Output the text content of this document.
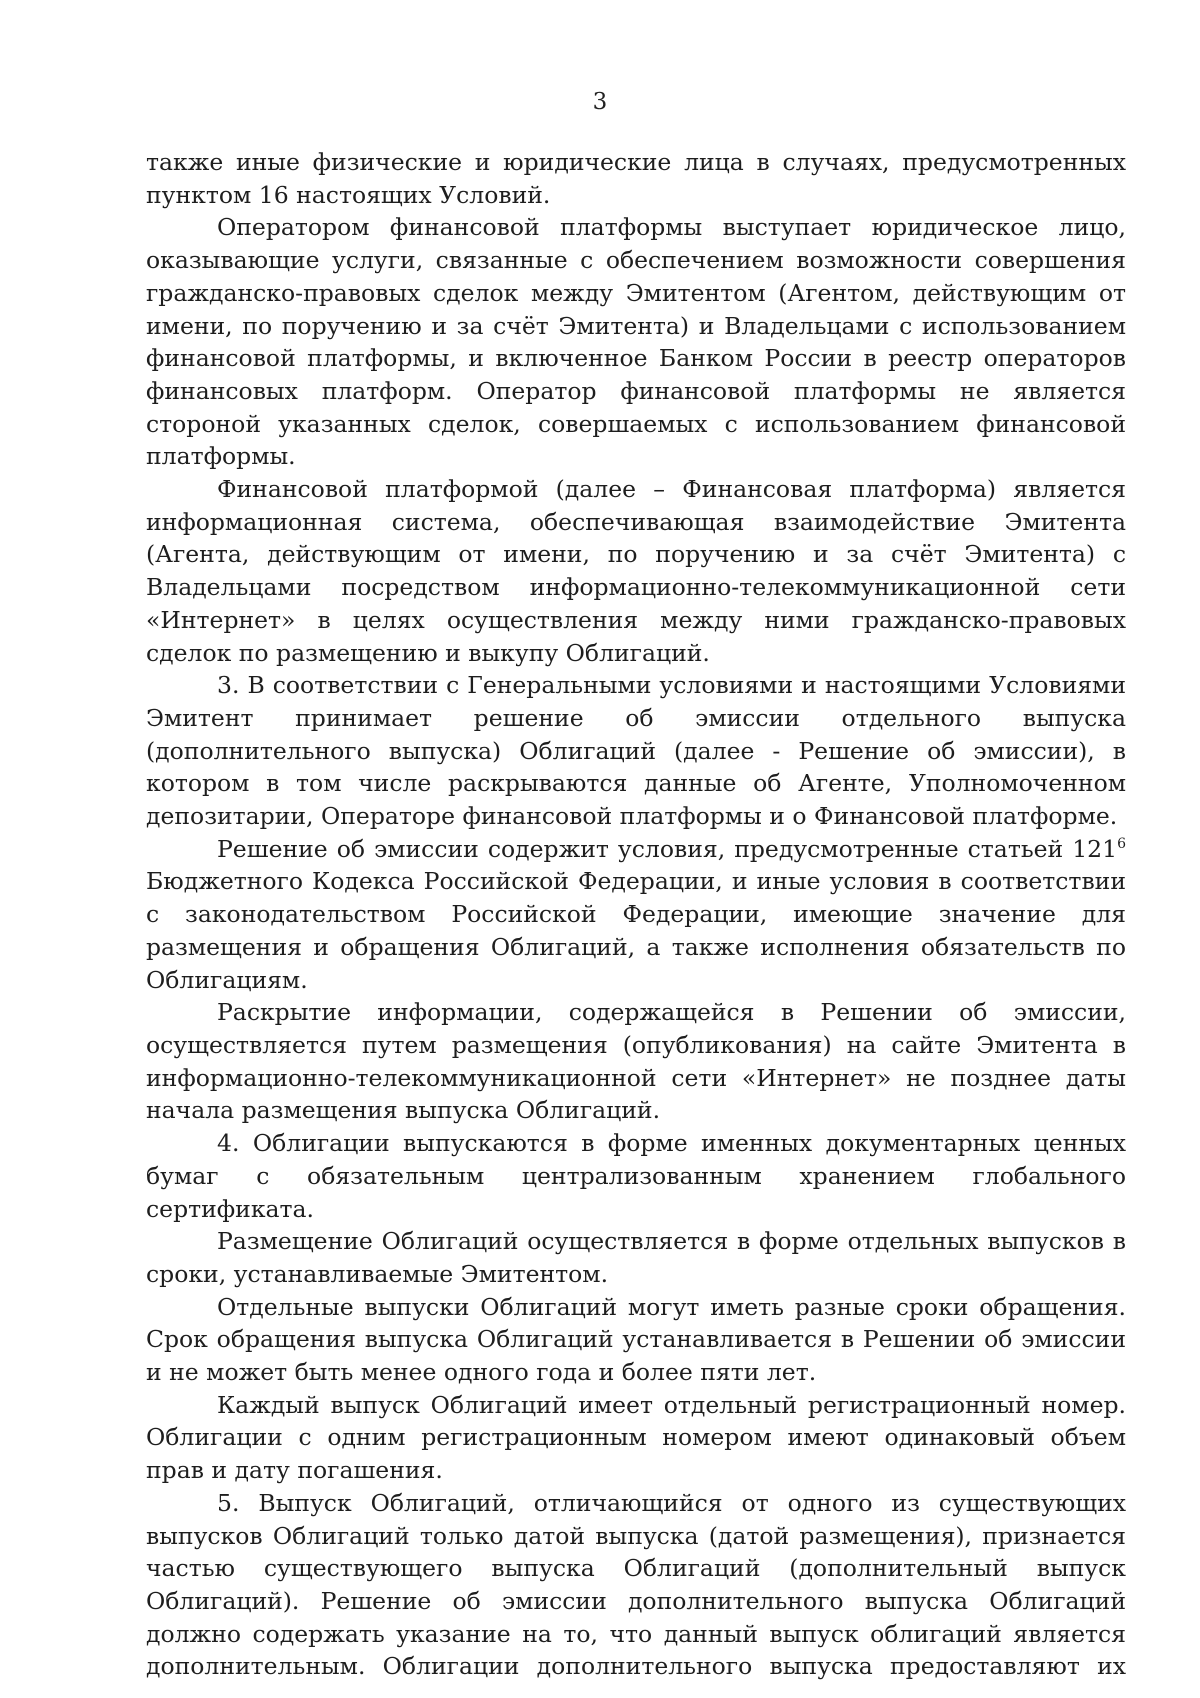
3

также иные физические и юридические лица в случаях, предусмотренных пунктом 16 настоящих Условий.

Оператором финансовой платформы выступает юридическое лицо, оказывающие услуги, связанные с обеспечением возможности совершения гражданско-правовых сделок между Эмитентом (Агентом, действующим от имени, по поручению и за счёт Эмитента) и Владельцами с использованием финансовой платформы, и включенное Банком России в реестр операторов финансовых платформ. Оператор финансовой платформы не является стороной указанных сделок, совершаемых с использованием финансовой платформы.

Финансовой платформой (далее – Финансовая платформа) является информационная система, обеспечивающая взаимодействие Эмитента (Агента, действующим от имени, по поручению и за счёт Эмитента) с Владельцами посредством информационно-телекоммуникационной сети «Интернет» в целях осуществления между ними гражданско-правовых сделок по размещению и выкупу Облигаций.

3. В соответствии с Генеральными условиями и настоящими Условиями Эмитент принимает решение об эмиссии отдельного выпуска (дополнительного выпуска) Облигаций (далее - Решение об эмиссии), в котором в том числе раскрываются данные об Агенте, Уполномоченном депозитарии, Операторе финансовой платформы и о Финансовой платформе.

Решение об эмиссии содержит условия, предусмотренные статьей $121^6$ Бюджетного Кодекса Российской Федерации, и иные условия в соответствии с законодательством Российской Федерации, имеющие значение для размещения и обращения Облигаций, а также исполнения обязательств по Облигациям.

Раскрытие информации, содержащейся в Решении об эмиссии, осуществляется путем размещения (опубликования) на сайте Эмитента в информационно-телекоммуникационной сети «Интернет» не позднее даты начала размещения выпуска Облигаций.

4. Облигации выпускаются в форме именных документарных ценных бумаг с обязательным централизованным хранением глобального сертификата.

Размещение Облигаций осуществляется в форме отдельных выпусков в сроки, устанавливаемые Эмитентом.

Отдельные выпуски Облигаций могут иметь разные сроки обращения. Срок обращения выпуска Облигаций устанавливается в Решении об эмиссии и не может быть менее одного года и более пяти лет.

Каждый выпуск Облигаций имеет отдельный регистрационный номер. Облигации с одним регистрационным номером имеют одинаковый объем прав и дату погашения.

5. Выпуск Облигаций, отличающийся от одного из существующих выпусков Облигаций только датой выпуска (датой размещения), признается частью существующего выпуска Облигаций (дополнительный выпуск Облигаций). Решение об эмиссии дополнительного выпуска Облигаций должно содержать указание на то, что данный выпуск облигаций является дополнительным. Облигации дополнительного выпуска предоставляют их
